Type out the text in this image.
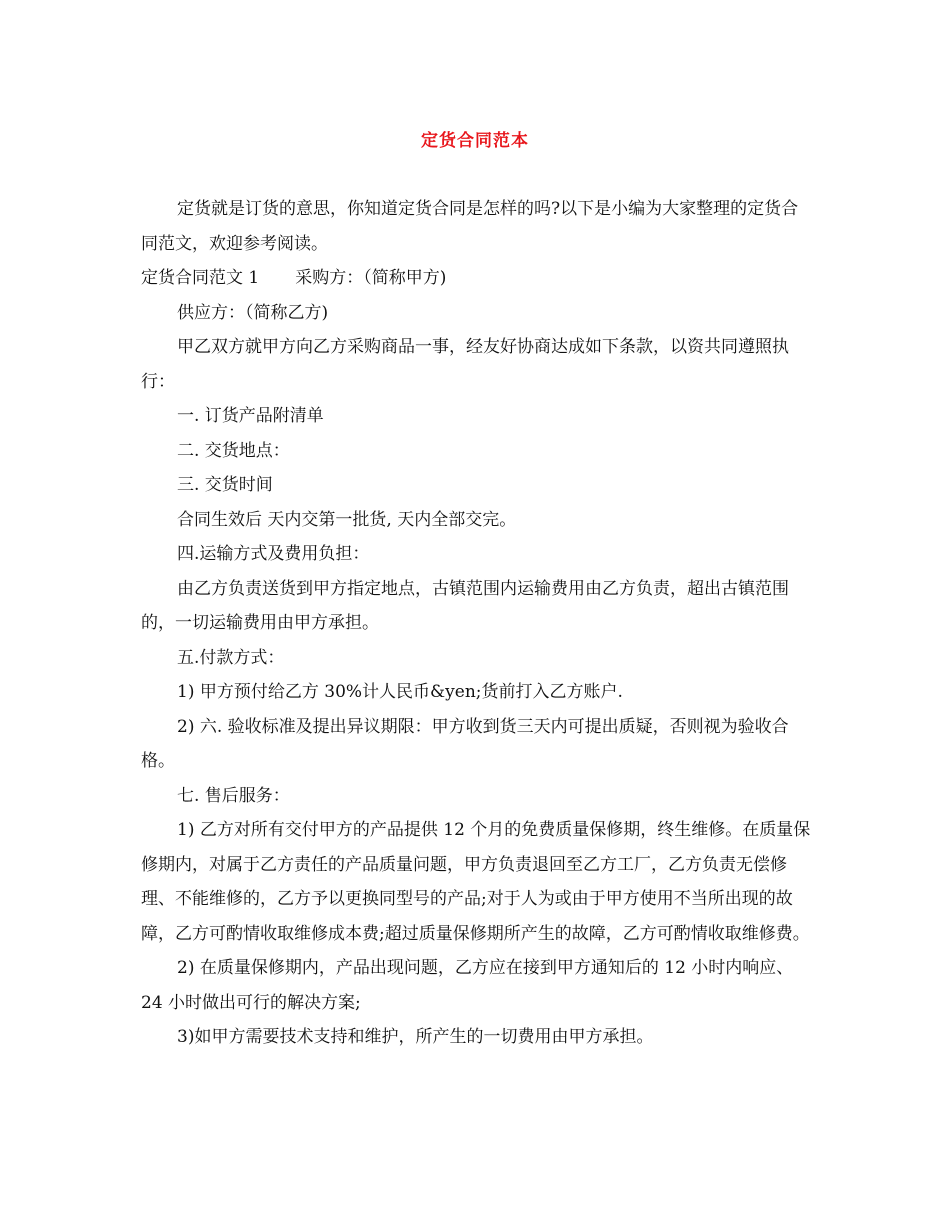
定货合同范本

定货就是订货的意思，你知道定货合同是怎样的吗?以下是小编为大家整理的定货合同范文，欢迎参考阅读。

定货合同范文 1 采购方：（简称甲方)

供应方：（简称乙方)

甲乙双方就甲方向乙方采购商品一事，经友好协商达成如下条款，以资共同遵照执行：

一. 订货产品附清单

二. 交货地点：

三. 交货时间

合同生效后 天内交第一批货, 天内全部交完。

四.运输方式及费用负担：

由乙方负责送货到甲方指定地点，古镇范围内运输费用由乙方负责，超出古镇范围的，一切运输费用由甲方承担。

五.付款方式：

1) 甲方预付给乙方 30%计人民币&yen;货前打入乙方账户.

2) 六. 验收标准及提出异议期限：甲方收到货三天内可提出质疑，否则视为验收合格。

七. 售后服务：

1) 乙方对所有交付甲方的产品提供 12 个月的免费质量保修期，终生维修。在质量保修期内，对属于乙方责任的产品质量问题，甲方负责退回至乙方工厂，乙方负责无偿修理、不能维修的，乙方予以更换同型号的产品;对于人为或由于甲方使用不当所出现的故障，乙方可酌情收取维修成本费;超过质量保修期所产生的故障，乙方可酌情收取维修费。

2) 在质量保修期内，产品出现问题，乙方应在接到甲方通知后的 12 小时内响应、24 小时做出可行的解决方案;

3)如甲方需要技术支持和维护，所产生的一切费用由甲方承担。
